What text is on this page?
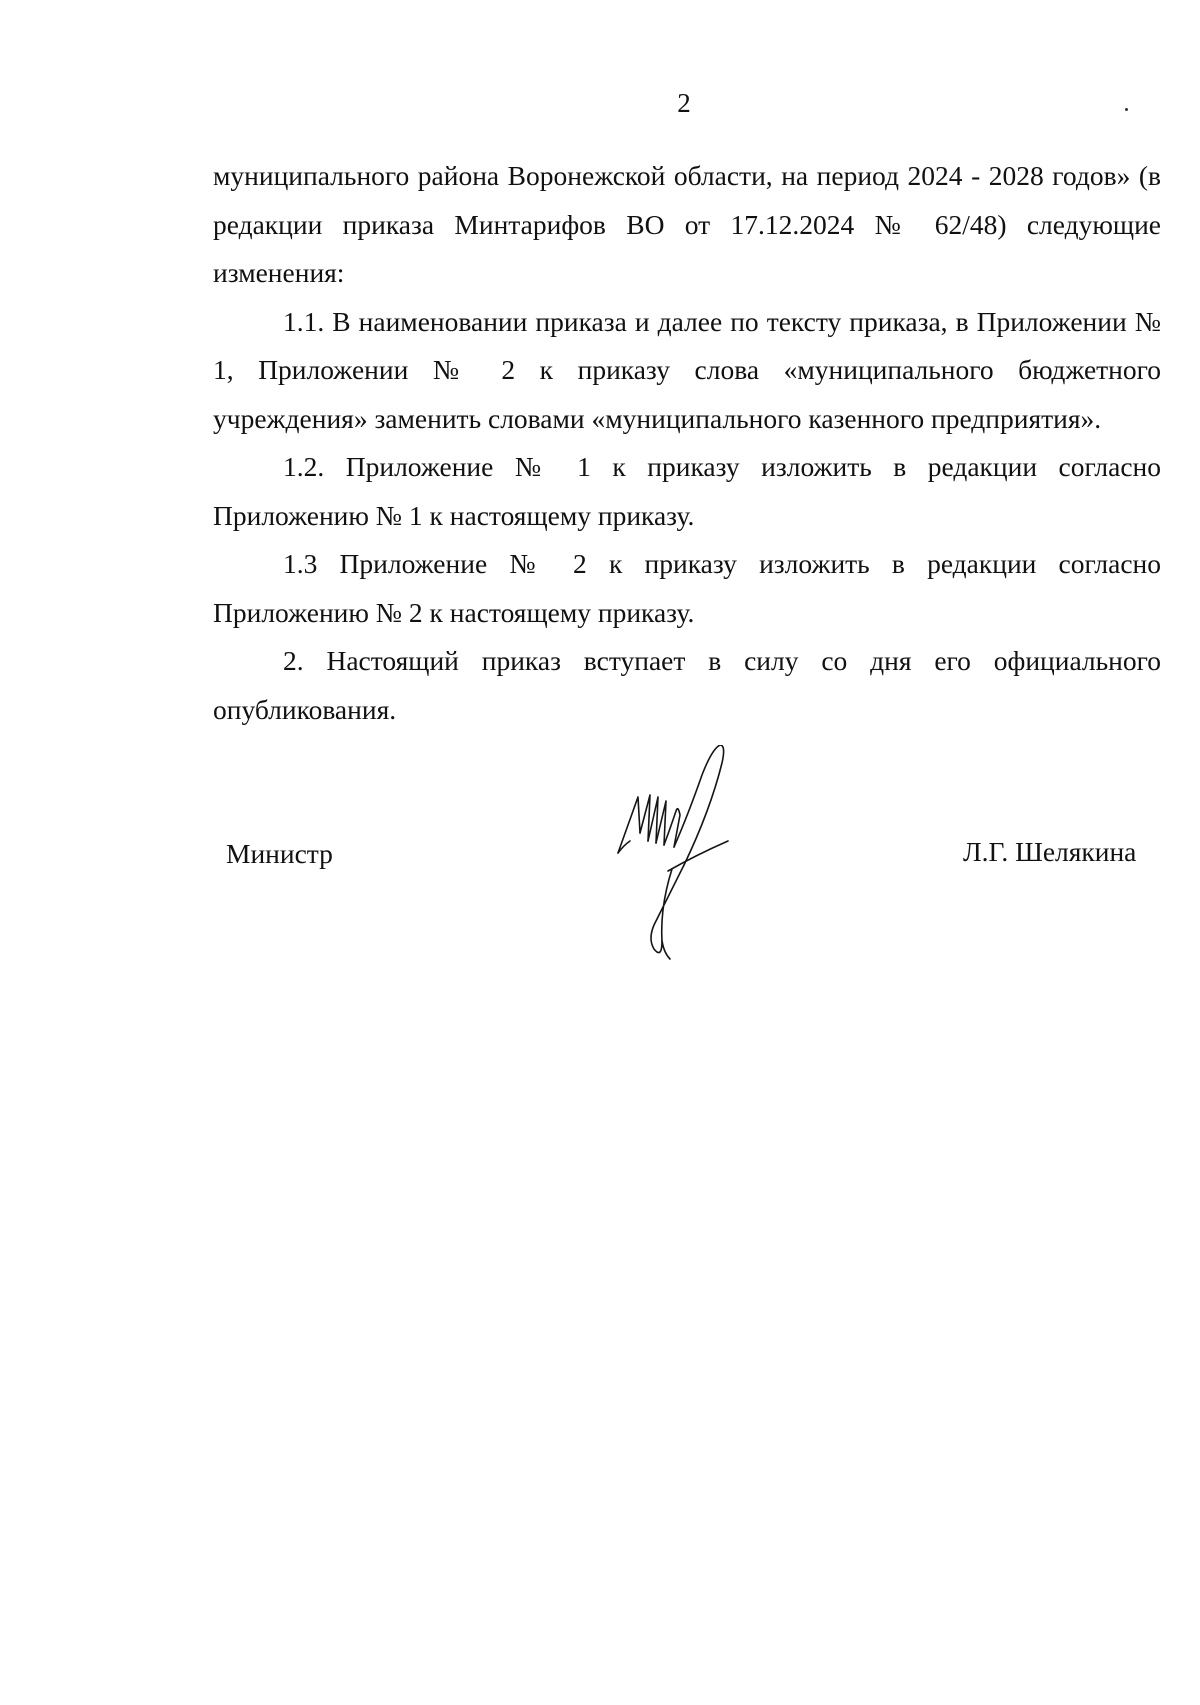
2

муниципального района Воронежской области, на период 2024 - 2028 годов» (в редакции приказа Минтарифов ВО от 17.12.2024 № 62/48) следующие изменения:

1.1. В наименовании приказа и далее по тексту приказа, в Приложении № 1, Приложении № 2 к приказу слова «муниципального бюджетного учреждения» заменить словами «муниципального казенного предприятия».

1.2. Приложение № 1 к приказу изложить в редакции согласно Приложению № 1 к настоящему приказу.

1.3 Приложение № 2 к приказу изложить в редакции согласно Приложению № 2 к настоящему приказу.

2. Настоящий приказ вступает в силу со дня его официального опубликования.

Министр	Л.Г. Шелякина
